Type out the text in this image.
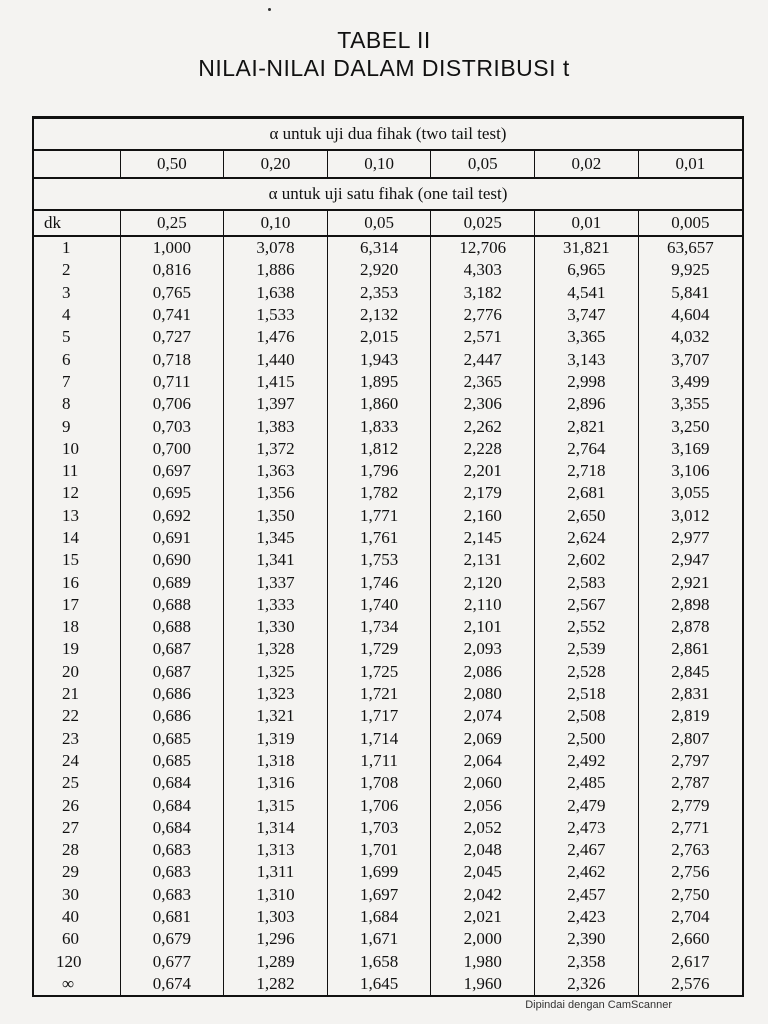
TABEL II
NILAI-NILAI DALAM DISTRIBUSI t
α untuk uji dua fihak (two tail test)						
	0,50	0,20	0,10	0,05	0,02	0,01
α untuk uji satu fihak (one tail test)						
dk	0,25	0,10	0,05	0,025	0,01	0,005
1	1,000	3,078	6,314	12,706	31,821	63,657
2	0,816	1,886	2,920	4,303	6,965	9,925
3	0,765	1,638	2,353	3,182	4,541	5,841
4	0,741	1,533	2,132	2,776	3,747	4,604
5	0,727	1,476	2,015	2,571	3,365	4,032
6	0,718	1,440	1,943	2,447	3,143	3,707
7	0,711	1,415	1,895	2,365	2,998	3,499
8	0,706	1,397	1,860	2,306	2,896	3,355
9	0,703	1,383	1,833	2,262	2,821	3,250
10	0,700	1,372	1,812	2,228	2,764	3,169
11	0,697	1,363	1,796	2,201	2,718	3,106
12	0,695	1,356	1,782	2,179	2,681	3,055
13	0,692	1,350	1,771	2,160	2,650	3,012
14	0,691	1,345	1,761	2,145	2,624	2,977
15	0,690	1,341	1,753	2,131	2,602	2,947
16	0,689	1,337	1,746	2,120	2,583	2,921
17	0,688	1,333	1,740	2,110	2,567	2,898
18	0,688	1,330	1,734	2,101	2,552	2,878
19	0,687	1,328	1,729	2,093	2,539	2,861
20	0,687	1,325	1,725	2,086	2,528	2,845
21	0,686	1,323	1,721	2,080	2,518	2,831
22	0,686	1,321	1,717	2,074	2,508	2,819
23	0,685	1,319	1,714	2,069	2,500	2,807
24	0,685	1,318	1,711	2,064	2,492	2,797
25	0,684	1,316	1,708	2,060	2,485	2,787
26	0,684	1,315	1,706	2,056	2,479	2,779
27	0,684	1,314	1,703	2,052	2,473	2,771
28	0,683	1,313	1,701	2,048	2,467	2,763
29	0,683	1,311	1,699	2,045	2,462	2,756
30	0,683	1,310	1,697	2,042	2,457	2,750
40	0,681	1,303	1,684	2,021	2,423	2,704
60	0,679	1,296	1,671	2,000	2,390	2,660
120	0,677	1,289	1,658	1,980	2,358	2,617
∞	0,674	1,282	1,645	1,960	2,326	2,576
Dipindai dengan CamScanner
